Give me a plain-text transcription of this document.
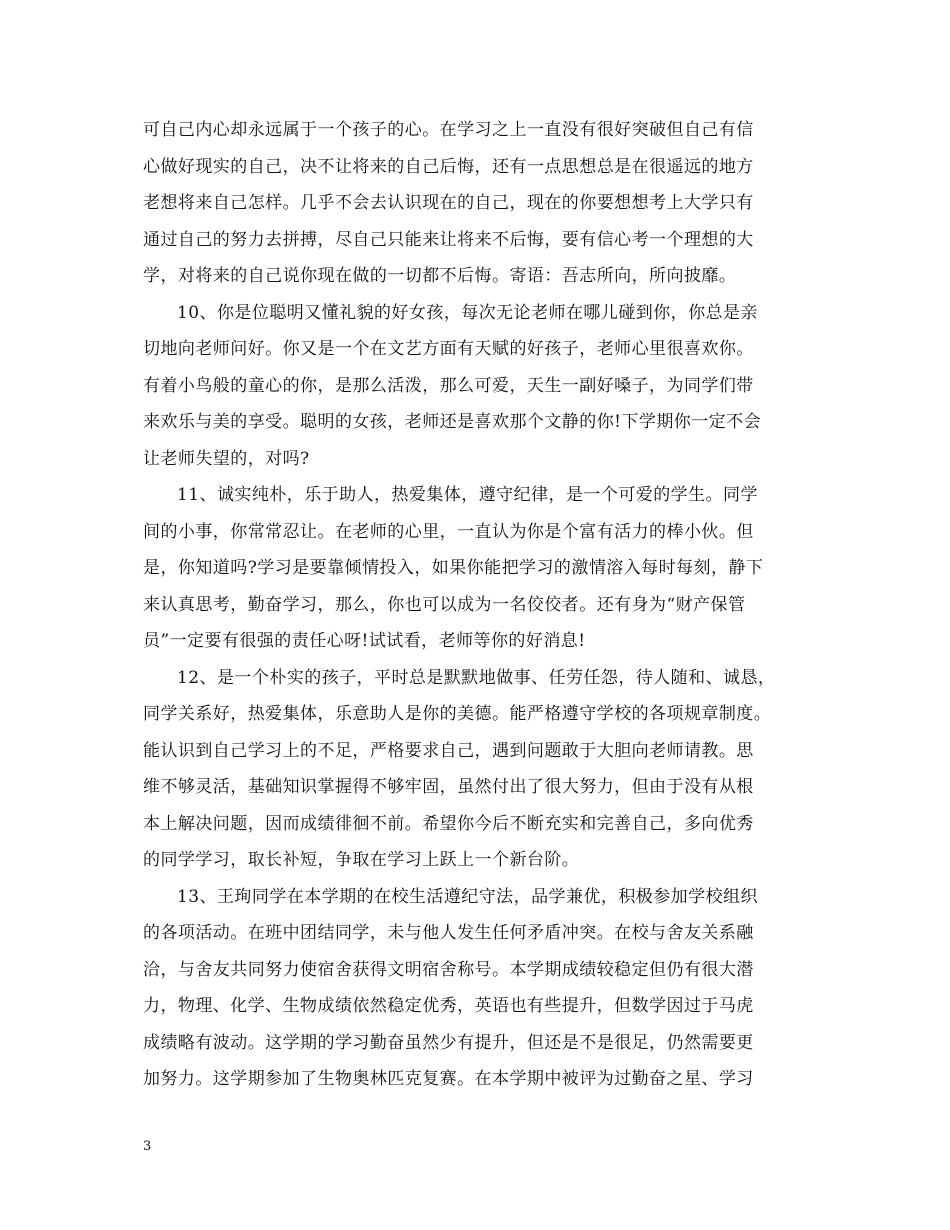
可自己内心却永远属于一个孩子的心。在学习之上一直没有很好突破但自己有信
心做好现实的自己，决不让将来的自己后悔，还有一点思想总是在很遥远的地方
老想将来自己怎样。几乎不会去认识现在的自己，现在的你要想想考上大学只有
通过自己的努力去拼搏，尽自己只能来让将来不后悔，要有信心考一个理想的大
学，对将来的自己说你现在做的一切都不后悔。寄语：吾志所向，所向披靡。
10、你是位聪明又懂礼貌的好女孩，每次无论老师在哪儿碰到你，你总是亲
切地向老师问好。你又是一个在文艺方面有天赋的好孩子，老师心里很喜欢你。
有着小鸟般的童心的你，是那么活泼，那么可爱，天生一副好嗓子，为同学们带
来欢乐与美的享受。聪明的女孩，老师还是喜欢那个文静的你!下学期你一定不会
让老师失望的，对吗?
11、诚实纯朴，乐于助人，热爱集体，遵守纪律，是一个可爱的学生。同学
间的小事，你常常忍让。在老师的心里，一直认为你是个富有活力的棒小伙。但
是，你知道吗?学习是要靠倾情投入，如果你能把学习的激情溶入每时每刻，静下
来认真思考，勤奋学习，那么，你也可以成为一名佼佼者。还有身为“财产保管
员”一定要有很强的责任心呀!试试看，老师等你的好消息!
12、是一个朴实的孩子，平时总是默默地做事、任劳任怨，待人随和、诚恳，
同学关系好，热爱集体，乐意助人是你的美德。能严格遵守学校的各项规章制度。
能认识到自己学习上的不足，严格要求自己，遇到问题敢于大胆向老师请教。思
维不够灵活，基础知识掌握得不够牢固，虽然付出了很大努力，但由于没有从根
本上解决问题，因而成绩徘徊不前。希望你今后不断充实和完善自己，多向优秀
的同学学习，取长补短，争取在学习上跃上一个新台阶。
13、王珣同学在本学期的在校生活遵纪守法，品学兼优，积极参加学校组织
的各项活动。在班中团结同学，未与他人发生任何矛盾冲突。在校与舍友关系融
洽，与舍友共同努力使宿舍获得文明宿舍称号。本学期成绩较稳定但仍有很大潜
力，物理、化学、生物成绩依然稳定优秀，英语也有些提升，但数学因过于马虎
成绩略有波动。这学期的学习勤奋虽然少有提升，但还是不是很足，仍然需要更
加努力。这学期参加了生物奥林匹克复赛。在本学期中被评为过勤奋之星、学习
3
